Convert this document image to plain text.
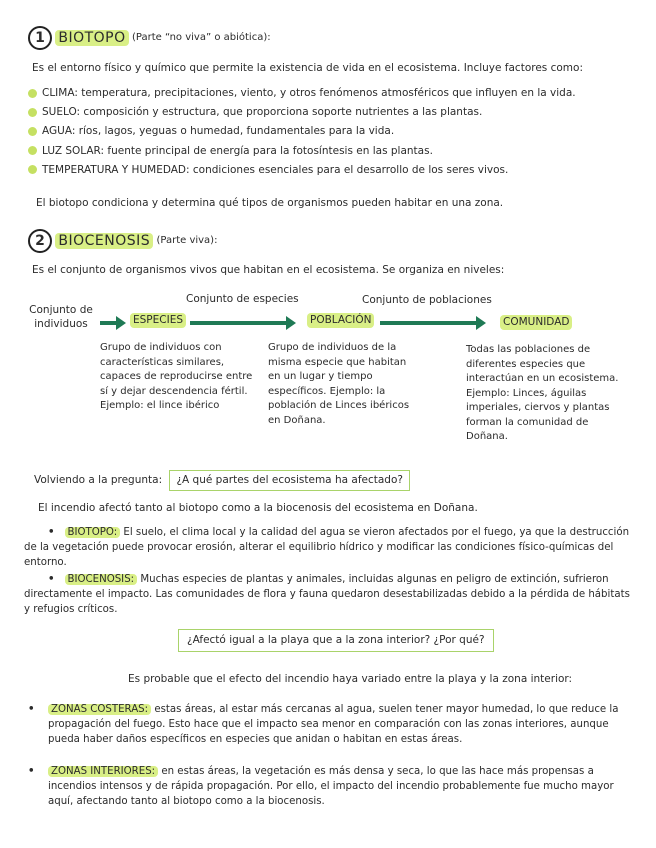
1 BIOTOPO (Parte “no viva” o abiótica):

Es el entorno físico y químico que permite la existencia de vida en el ecosistema. Incluye factores como:

CLIMA: temperatura, precipitaciones, viento, y otros fenómenos atmosféricos que influyen en la vida.

SUELO: composición y estructura, que proporciona soporte nutrientes a las plantas.

AGUA: ríos, lagos, yeguas o humedad, fundamentales para la vida.

LUZ SOLAR: fuente principal de energía para la fotosíntesis en las plantas.

TEMPERATURA Y HUMEDAD: condiciones esenciales para el desarrollo de los seres vivos.

El biotopo condiciona y determina qué tipos de organismos pueden habitar en una zona.

2 BIOCENOSIS (Parte viva):

Es el conjunto de organismos vivos que habitan en el ecosistema. Se organiza en niveles:

Conjunto de individuos	ESPECIES
Conjunto de especies
POBLACIÓN
Conjunto de poblaciones
COMUNIDAD
Grupo de individuos con características similares, capaces de reproducirse entre sí y dejar descendencia fértil. Ejemplo: el lince ibérico
Grupo de individuos de la misma especie que habitan en un lugar y tiempo específicos. Ejemplo: la población de Linces ibéricos en Doñana.
Todas las poblaciones de diferentes especies que interactúan en un ecosistema. Ejemplo: Linces, águilas imperiales, ciervos y plantas forman la comunidad de Doñana.
Volviendo a la pregunta: ¿A qué partes del ecosistema ha afectado?

El incendio afectó tanto al biotopo como a la biocenosis del ecosistema en Doñana.

• BIOTOPO: El suelo, el clima local y la calidad del agua se vieron afectados por el fuego, ya que la destrucción de la vegetación puede provocar erosión, alterar el equilibrio hídrico y modificar las condiciones físico-químicas del entorno.

• BIOCENOSIS: Muchas especies de plantas y animales, incluidas algunas en peligro de extinción, sufrieron directamente el impacto. Las comunidades de flora y fauna quedaron desestabilizadas debido a la pérdida de hábitats y refugios críticos.

¿Afectó igual a la playa que a la zona interior? ¿Por qué?

Es probable que el efecto del incendio haya variado entre la playa y la zona interior:

• ZONAS COSTERAS: estas áreas, al estar más cercanas al agua, suelen tener mayor humedad, lo que reduce la propagación del fuego. Esto hace que el impacto sea menor en comparación con las zonas interiores, aunque pueda haber daños específicos en especies que anidan o habitan en estas áreas.

• ZONAS INTERIORES: en estas áreas, la vegetación es más densa y seca, lo que las hace más propensas a incendios intensos y de rápida propagación. Por ello, el impacto del incendio probablemente fue mucho mayor aquí, afectando tanto al biotopo como a la biocenosis.
